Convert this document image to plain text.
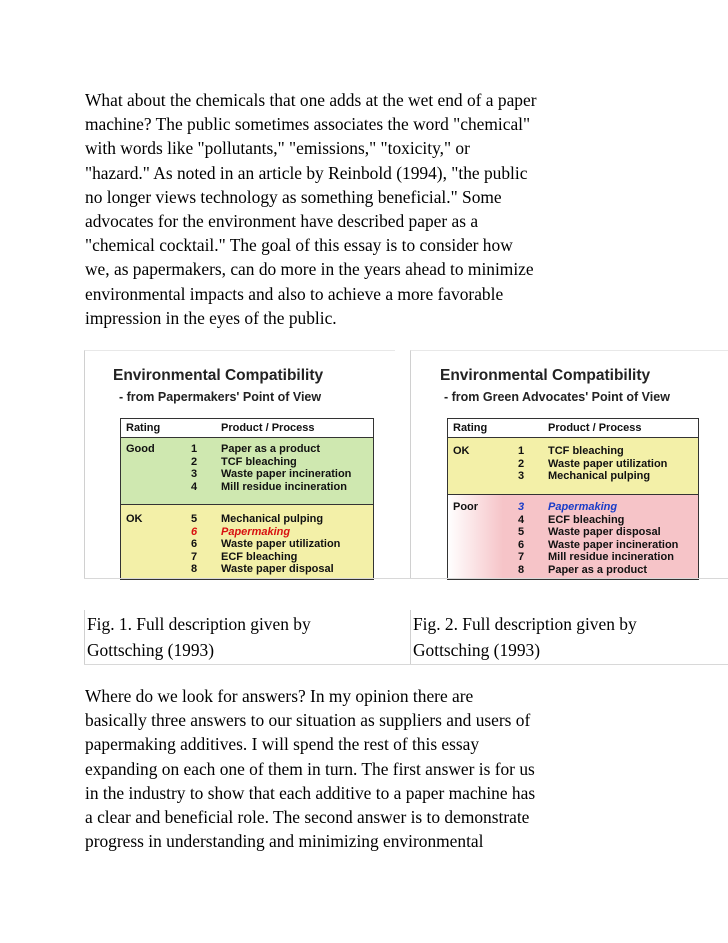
What about the chemicals that one adds at the wet end of a paper
machine? The public sometimes associates the word "chemical"
with words like "pollutants," "emissions," "toxicity," or
"hazard." As noted in an article by Reinbold (1994), "the public
no longer views technology as something beneficial." Some
advocates for the environment have described paper as a
"chemical cocktail." The goal of this essay is to consider how
we, as papermakers, can do more in the years ahead to minimize
environmental impacts and also to achieve a more favorable
impression in the eyes of the public.
Environmental Compatibility
- from Papermakers' Point of View
Rating	Product / Process
Good	1 Paper as a product
2 TCF bleaching
3 Waste paper incineration
4 Mill residue incineration
OK	5 Mechanical pulping
6 Papermaking
6 Waste paper utilization
7 ECF bleaching
8 Waste paper disposal
Environmental Compatibility
- from Green Advocates' Point of View
Rating	Product / Process
OK	1 TCF bleaching
2 Waste paper utilization
3 Mechanical pulping
Poor	3 Papermaking
4 ECF bleaching
5 Waste paper disposal
6 Waste paper incineration
7 Mill residue incineration
8 Paper as a product
Fig. 1. Full description given by
Gottsching (1993)
Fig. 2. Full description given by
Gottsching (1993)
Where do we look for answers? In my opinion there are
basically three answers to our situation as suppliers and users of
papermaking additives. I will spend the rest of this essay
expanding on each one of them in turn. The first answer is for us
in the industry to show that each additive to a paper machine has
a clear and beneficial role. The second answer is to demonstrate
progress in understanding and minimizing environmental
